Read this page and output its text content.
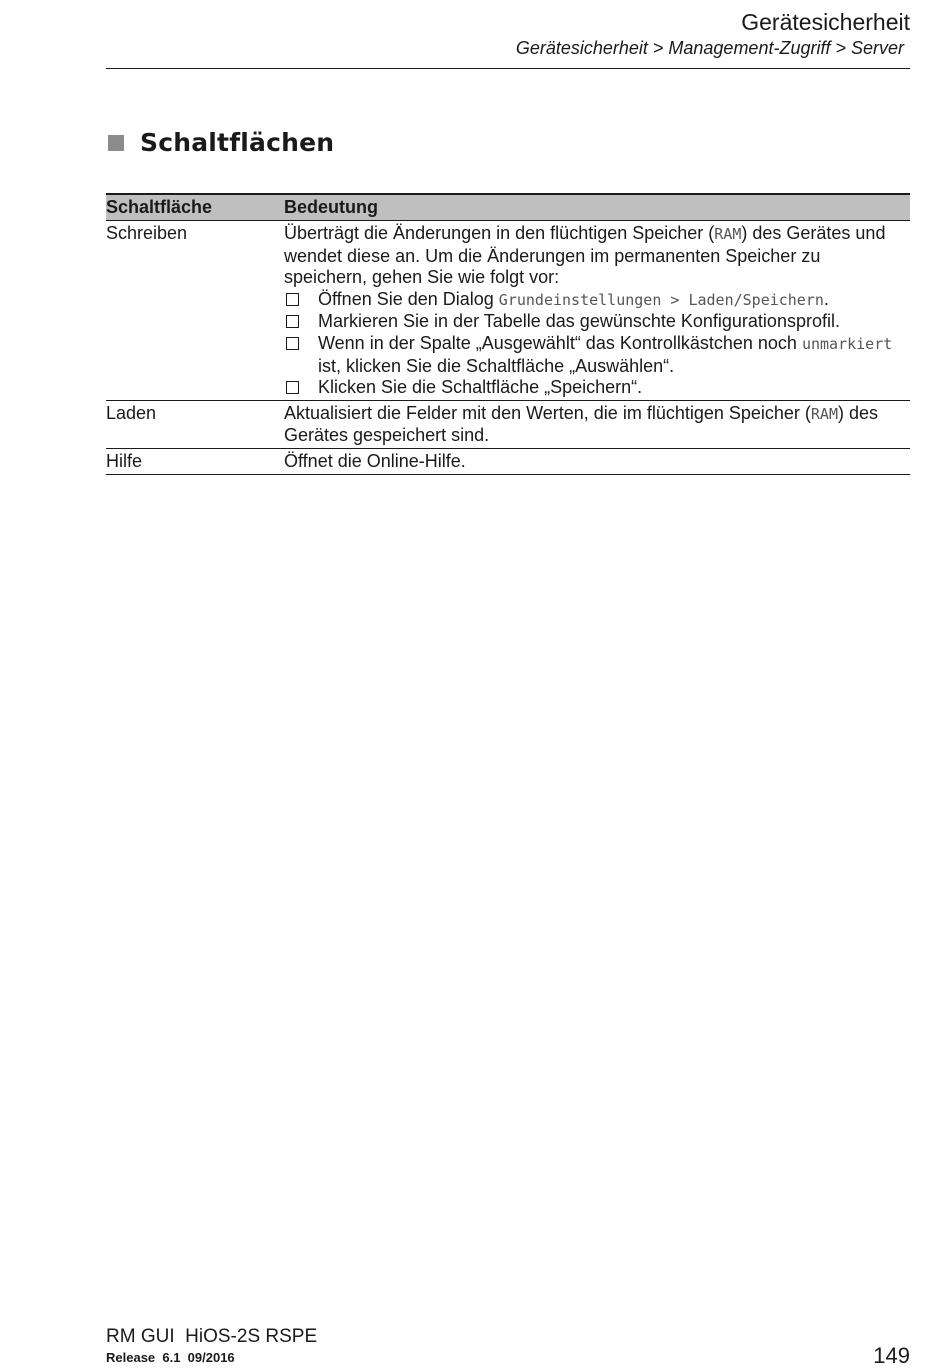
Gerätesicherheit
Gerätesicherheit > Management-Zugriff > Server
Schaltflächen
Schaltfläche	Bedeutung
Schreiben	Überträgt die Änderungen in den flüchtigen Speicher (RAM) des Gerätes und wendet diese an. Um die Änderungen im permanenten Speicher zu speichern, gehen Sie wie folgt vor:
Öffnen Sie den Dialog Grundeinstellungen > Laden/Speichern.
Markieren Sie in der Tabelle das gewünschte Konfigurationsprofil.
Wenn in der Spalte „Ausgewählt“ das Kontrollkästchen noch unmarkiert ist, klicken Sie die Schaltfläche „Auswählen“.
Klicken Sie die Schaltfläche „Speichern“.
Laden	Aktualisiert die Felder mit den Werten, die im flüchtigen Speicher (RAM) des Gerätes gespeichert sind.
Hilfe	Öffnet die Online-Hilfe.
RM GUI  HiOS-2S RSPE
Release  6.1  09/2016	149
